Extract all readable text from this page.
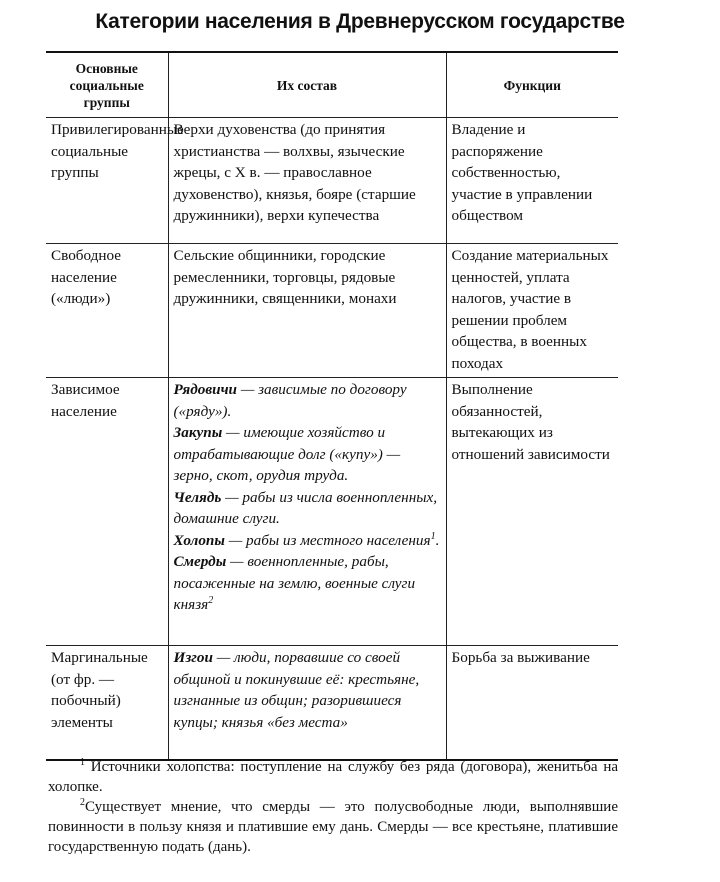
Категории населения в Древнерусском государстве
Основные социальные группы	Их состав	Функции
Привилегированные социальные группы	Верхи духовенства (до принятия христианства — волхвы, языческие жрецы, с X в. — православное духовенство), князья, бояре (старшие дружинники), верхи купечества	Владение и распоряжение собственностью, участие в управлении обществом
Свободное население («люди»)	Сельские общинники, городские ремесленники, торговцы, рядовые дружинники, священники, монахи	Создание материальных ценностей, уплата налогов, участие в решении проблем общества, в военных походах
Зависимое население	Рядовичи — зависимые по договору («ряду»).
Закупы — имеющие хозяйство и отрабатывающие долг («купу») — зерно, скот, орудия труда.
Челядь — рабы из числа военнопленных, домашние слуги.
Холопы — рабы из местного населения$^1$.
Смерды — военнопленные, рабы, посаженные на землю, военные слуги князя$^2$	Выполнение обязанностей, вытекающих из отношений зависимости
Маргинальные (от фр. — побочный) элементы	Изгои — люди, порвавшие со своей общиной и покинувшие её: крестьяне, изгнанные из общин; разорившиеся купцы; князья «без места»	Борьба за выживание
$^1$ Источники холопства: поступление на службу без ряда (договора), женитьба на холопке.
$^2$Существует мнение, что смерды — это полусвободные люди, выполнявшие повинности в пользу князя и платившие ему дань. Смерды — все крестьяне, платившие государственную подать (дань).
